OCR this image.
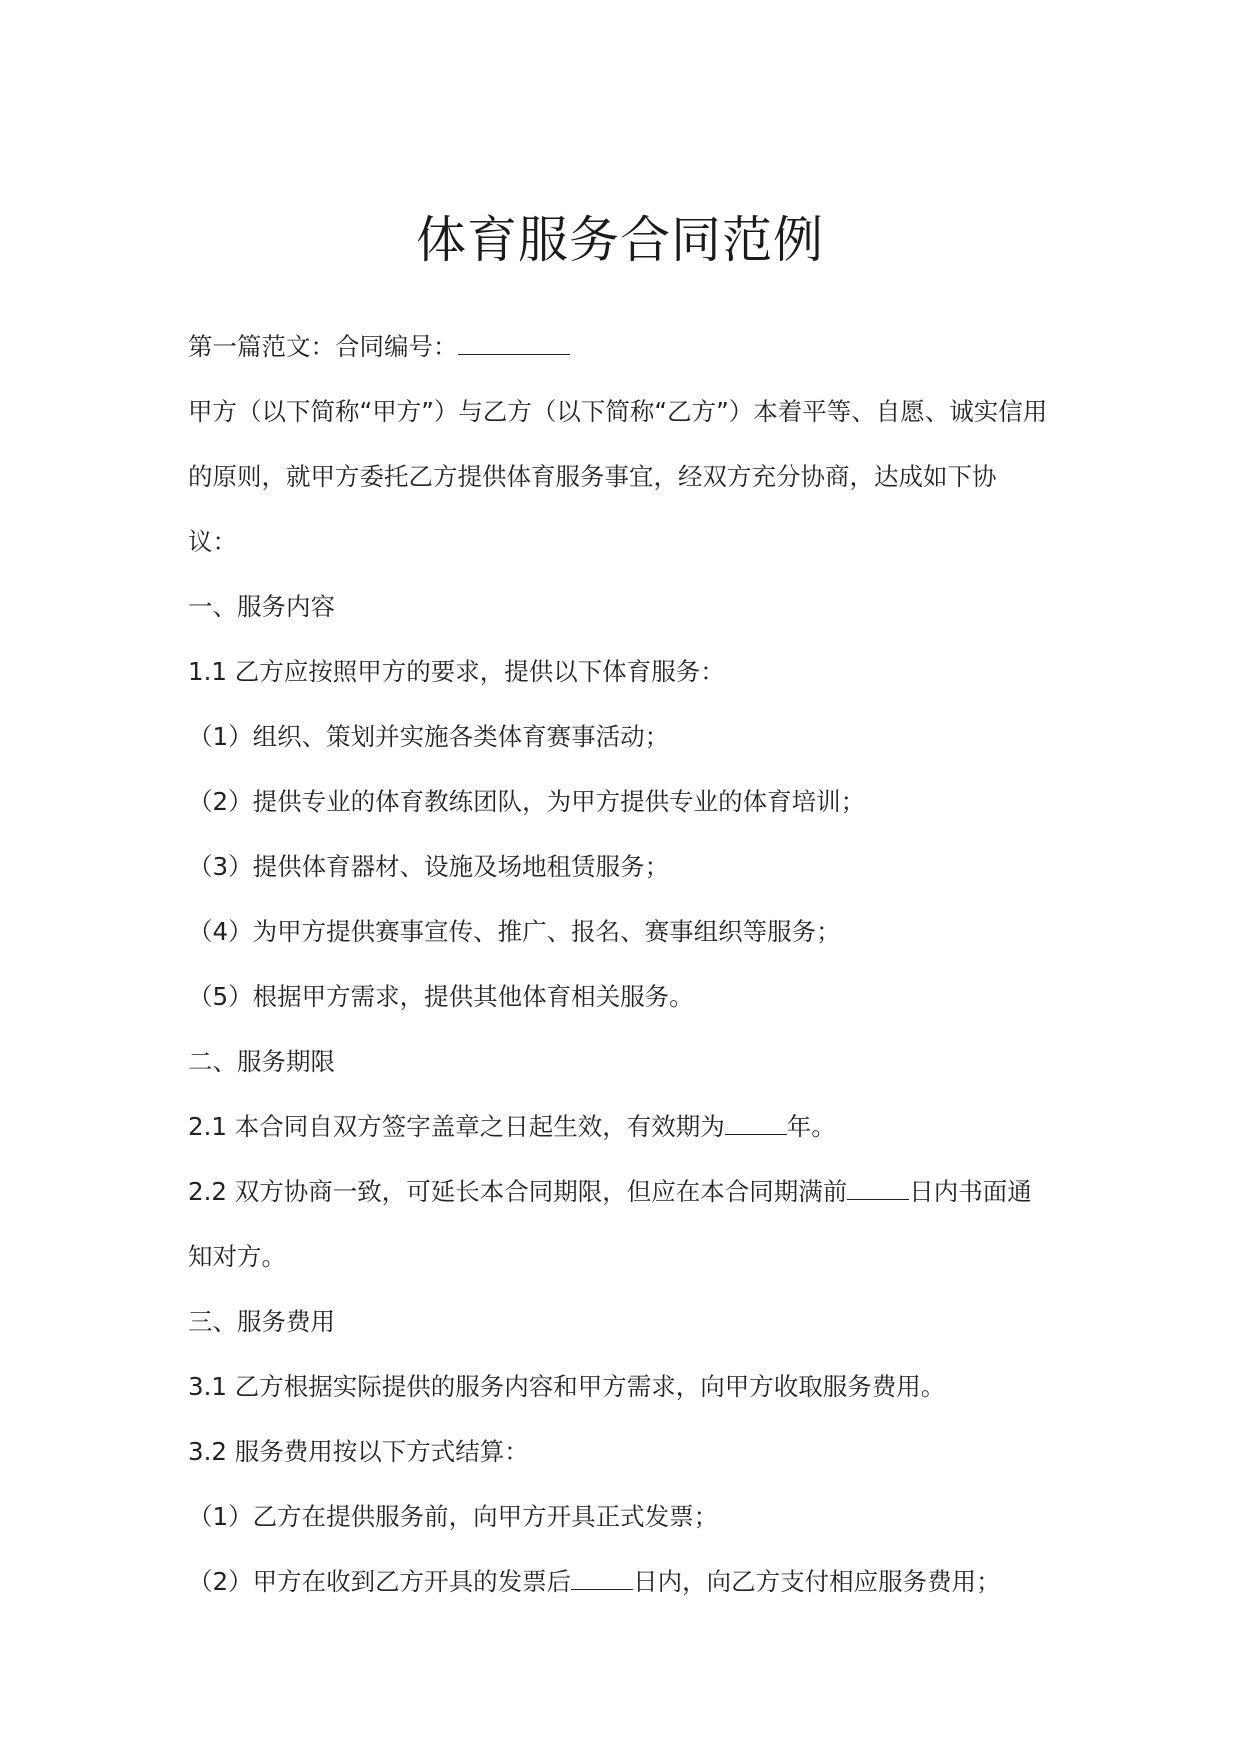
体育服务合同范例
第一篇范文：合同编号：
甲方（以下简称“甲方”）与乙方（以下简称“乙方”）本着平等、自愿、诚实信用
的原则，就甲方委托乙方提供体育服务事宜，经双方充分协商，达成如下协
议：
一、服务内容
1.1 乙方应按照甲方的要求，提供以下体育服务：
（1）组织、策划并实施各类体育赛事活动；
（2）提供专业的体育教练团队，为甲方提供专业的体育培训；
（3）提供体育器材、设施及场地租赁服务；
（4）为甲方提供赛事宣传、推广、报名、赛事组织等服务；
（5）根据甲方需求，提供其他体育相关服务。
二、服务期限
2.1 本合同自双方签字盖章之日起生效，有效期为	年。
2.2 双方协商一致，可延长本合同期限，但应在本合同期满前	日内书面通
知对方。
三、服务费用
3.1 乙方根据实际提供的服务内容和甲方需求，向甲方收取服务费用。
3.2 服务费用按以下方式结算：
（1）乙方在提供服务前，向甲方开具正式发票；
（2）甲方在收到乙方开具的发票后	日内，向乙方支付相应服务费用；
